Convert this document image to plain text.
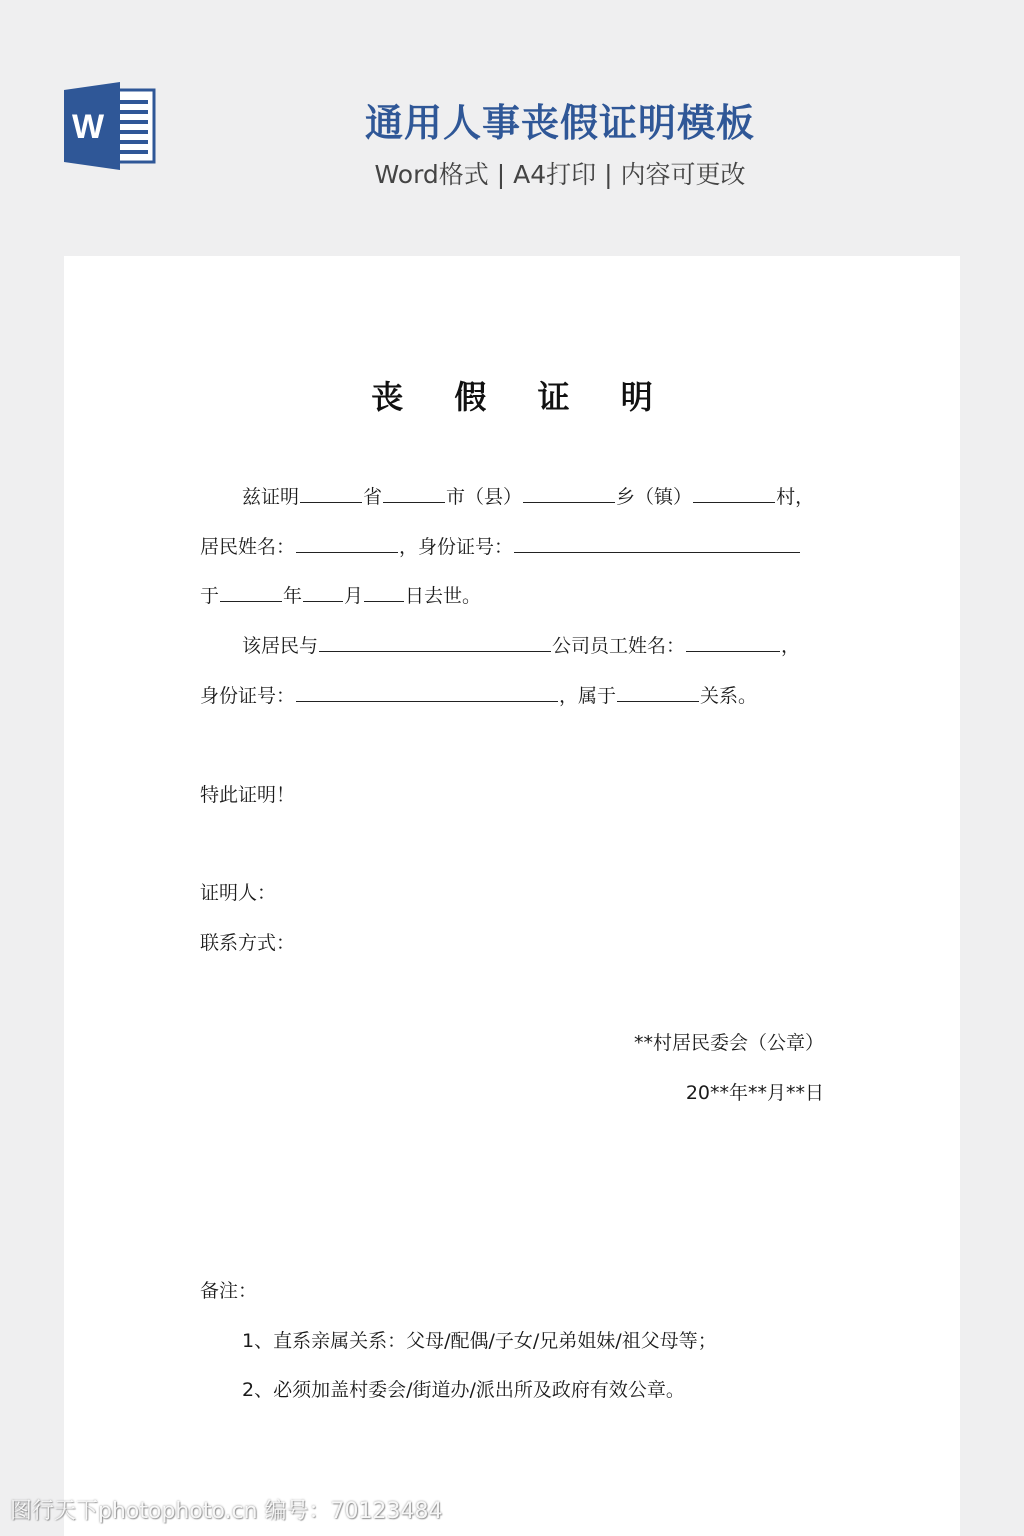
W	通用人事丧假证明模板
Word格式 | A4打印 | 内容可更改
丧 假 证 明
兹证明	省	市（县）	乡（镇）	村，
居民姓名：	，身份证号：
于	年 月 日去世。
该居民与	公司员工姓名：	，
身份证号：	，属于	关系。
特此证明！
证明人：
联系方式：
**村居民委会（公章）
20**年**月**日
备注：
1、直系亲属关系：父母/配偶/子女/兄弟姐妹/祖父母等；
2、必须加盖村委会/街道办/派出所及政府有效公章。
图行天下photophoto.cn 编号：70123484
